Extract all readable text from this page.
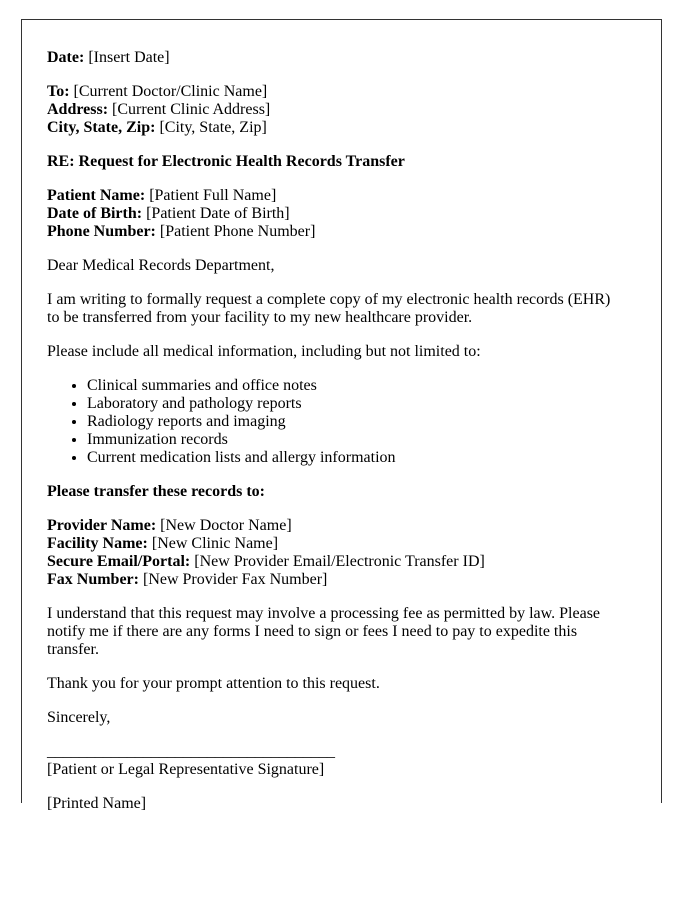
Date: [Insert Date]

To: [Current Doctor/Clinic Name]
Address: [Current Clinic Address]
City, State, Zip: [City, State, Zip]

RE: Request for Electronic Health Records Transfer

Patient Name: [Patient Full Name]
Date of Birth: [Patient Date of Birth]
Phone Number: [Patient Phone Number]

Dear Medical Records Department,

I am writing to formally request a complete copy of my electronic health records (EHR) to be transferred from your facility to my new healthcare provider.

Please include all medical information, including but not limited to:

• Clinical summaries and office notes
• Laboratory and pathology reports
• Radiology reports and imaging
• Immunization records
• Current medication lists and allergy information

Please transfer these records to:

Provider Name: [New Doctor Name]
Facility Name: [New Clinic Name]
Secure Email/Portal: [New Provider Email/Electronic Transfer ID]
Fax Number: [New Provider Fax Number]

I understand that this request may involve a processing fee as permitted by law. Please notify me if there are any forms I need to sign or fees I need to pay to expedite this transfer.

Thank you for your prompt attention to this request.

Sincerely,

____________________________________
[Patient or Legal Representative Signature]

[Printed Name]
